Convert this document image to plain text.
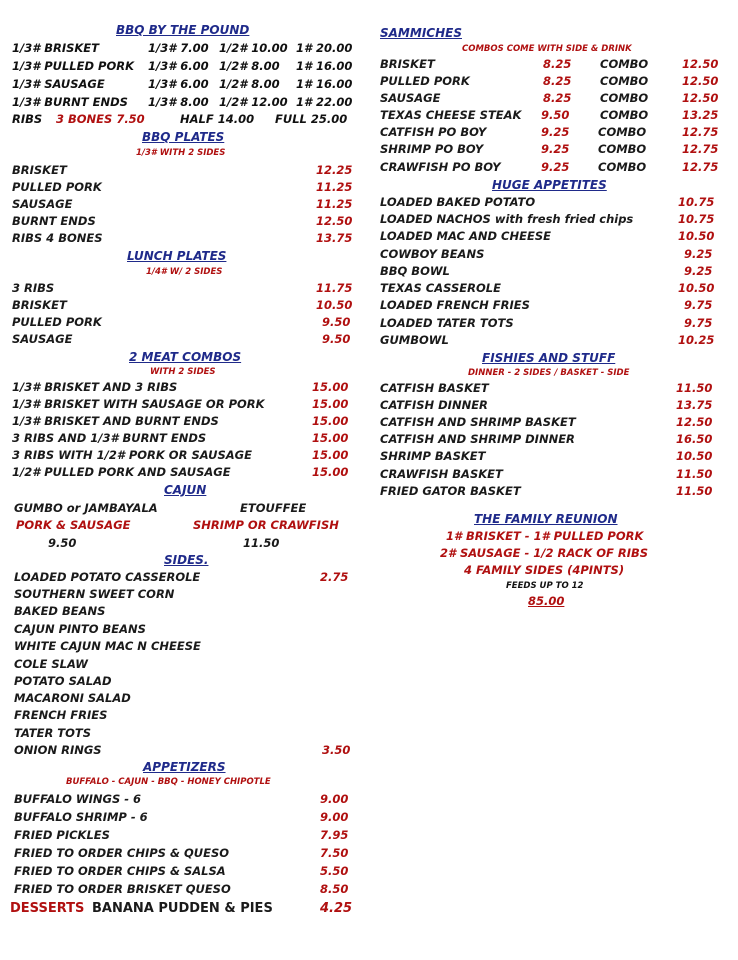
BBQ BY THE POUND
1/3# BRISKET	1/3# 7.00 1/2# 10.00 1# 20.00
1/3# PULLED PORK 1/3# 6.00 1/2# 8.00 1# 16.00
1/3# SAUSAGE	1/3# 6.00 1/2# 8.00 1# 16.00
1/3# BURNT ENDS 1/3# 8.00 1/2# 12.00 1# 22.00
RIBS 3 BONES 7.50	HALF 14.00 FULL 25.00
BBQ PLATES
1/3# WITH 2 SIDES
BRISKET	12.25
PULLED PORK	11.25
SAUSAGE	11.25
BURNT ENDS	12.50
RIBS 4 BONES	13.75
LUNCH PLATES
1/4# W/ 2 SIDES
3 RIBS	11.75
BRISKET	10.50
PULLED PORK	9.50
SAUSAGE	9.50
2 MEAT COMBOS
WITH 2 SIDES
1/3# BRISKET AND 3 RIBS	15.00
1/3# BRISKET WITH SAUSAGE OR PORK	15.00
1/3# BRISKET AND BURNT ENDS	15.00
3 RIBS AND 1/3# BURNT ENDS	15.00
3 RIBS WITH 1/2# PORK OR SAUSAGE	15.00
1/2# PULLED PORK AND SAUSAGE	15.00
CAJUN
GUMBO or JAMBAYALA	ETOUFFEE
PORK & SAUSAGE	SHRIMP OR CRAWFISH
9.50	11.50
SIDES.
LOADED POTATO CASSEROLE	2.75
SOUTHERN SWEET CORN
BAKED BEANS
CAJUN PINTO BEANS
WHITE CAJUN MAC N CHEESE
COLE SLAW
POTATO SALAD
MACARONI SALAD
FRENCH FRIES
TATER TOTS
ONION RINGS	3.50
APPETIZERS
BUFFALO - CAJUN - BBQ - HONEY CHIPOTLE
BUFFALO WINGS - 6	9.00
BUFFALO SHRIMP - 6	9.00
FRIED PICKLES	7.95
FRIED TO ORDER CHIPS & QUESO	7.50
FRIED TO ORDER CHIPS & SALSA	5.50
FRIED TO ORDER BRISKET QUESO	8.50
DESSERTS BANANA PUDDEN & PIES	4.25
SAMMICHES
COMBOS COME WITH SIDE & DRINK
BRISKET	8.25 COMBO	12.50
PULLED PORK	8.25 COMBO	12.50
SAUSAGE	8.25 COMBO	12.50
TEXAS CHEESE STEAK 9.50	COMBO	13.25
CATFISH PO BOY	9.25 COMBO	12.75
SHRIMP PO BOY	9.25 COMBO	12.75
CRAWFISH PO BOY	9.25 COMBO	12.75
HUGE APPETITES
LOADED BAKED POTATO	10.75
LOADED NACHOS with fresh fried chips	10.75
LOADED MAC AND CHEESE	10.50
COWBOY BEANS	9.25
BBQ BOWL	9.25
TEXAS CASSEROLE	10.50
LOADED FRENCH FRIES	9.75
LOADED TATER TOTS	9.75
GUMBOWL	10.25
FISHIES AND STUFF
DINNER - 2 SIDES / BASKET - SIDE
CATFISH BASKET	11.50
CATFISH DINNER	13.75
CATFISH AND SHRIMP BASKET	12.50
CATFISH AND SHRIMP DINNER	16.50
SHRIMP BASKET	10.50
CRAWFISH BASKET	11.50
FRIED GATOR BASKET	11.50
THE FAMILY REUNION
1# BRISKET - 1# PULLED PORK
2# SAUSAGE - 1/2 RACK OF RIBS
4 FAMILY SIDES (4PINTS)
FEEDS UP TO 12
85.00
